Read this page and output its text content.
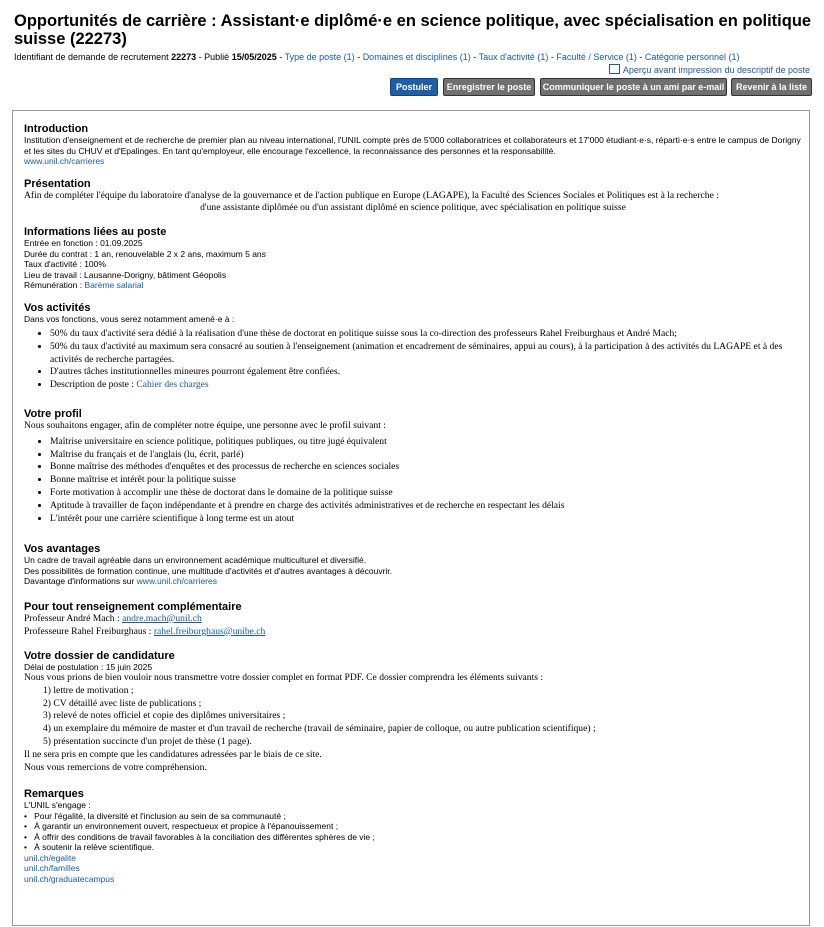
Opportunités de carrière : Assistant·e diplômé·e en science politique, avec spécialisation en politique suisse (22273)
Identifiant de demande de recrutement 22273 - Publié 15/05/2025 - Type de poste (1) - Domaines et disciplines (1) - Taux d'activité (1) - Faculté / Service (1) - Catégorie personnel (1)
Aperçu avant impression du descriptif de poste
Postuler	Enregistrer le poste	Communiquer le poste à un ami par e-mail	Revenir à la liste
Introduction
Institution d'enseignement et de recherche de premier plan au niveau international, l'UNIL compte près de 5'000 collaboratrices et collaborateurs et 17'000 étudiant·e·s, réparti·e·s entre le campus de Dorigny et les sites du CHUV et d'Epalinges. En tant qu'employeur, elle encourage l'excellence, la reconnaissance des personnes et la responsabilité.
www.unil.ch/carrieres
Présentation
Afin de compléter l'équipe du laboratoire d'analyse de la gouvernance et de l'action publique en Europe (LAGAPE), la Faculté des Sciences Sociales et Politiques est à la recherche :
d'une assistante diplômée ou d'un assistant diplômé en science politique, avec spécialisation en politique suisse
Informations liées au poste
Entrée en fonction : 01.09.2025
Durée du contrat : 1 an, renouvelable 2 x 2 ans, maximum 5 ans
Taux d'activité : 100%
Lieu de travail : Lausanne-Dorigny, bâtiment Géopolis
Rémunération : Barème salarial
Vos activités
Dans vos fonctions, vous serez notamment amené·e à :
• 50% du taux d'activité sera dédié à la réalisation d'une thèse de doctorat en politique suisse sous la co-direction des professeurs Rahel Freiburghaus et André Mach;
• 50% du taux d'activité au maximum sera consacré au soutien à l'enseignement (animation et encadrement de séminaires, appui au cours), à la participation à des activités du LAGAPE et à des activités de recherche partagées.
• D'autres tâches institutionnelles mineures pourront également être confiées.
• Description de poste : Cahier des charges
Votre profil
Nous souhaitons engager, afin de compléter notre équipe, une personne avec le profil suivant :
• Maîtrise universitaire en science politique, politiques publiques, ou titre jugé équivalent
• Maîtrise du français et de l'anglais (lu, écrit, parlé)
• Bonne maîtrise des méthodes d'enquêtes et des processus de recherche en sciences sociales
• Bonne maîtrise et intérêt pour la politique suisse
• Forte motivation à accomplir une thèse de doctorat dans le domaine de la politique suisse
• Aptitude à travailler de façon indépendante et à prendre en charge des activités administratives et de recherche en respectant les délais
• L'intérêt pour une carrière scientifique à long terme est un atout
Vos avantages
Un cadre de travail agréable dans un environnement académique multiculturel et diversifié.
Des possibilités de formation continue, une multitude d'activités et d'autres avantages à découvrir.
Davantage d'informations sur www.unil.ch/carrieres
Pour tout renseignement complémentaire
Professeur André Mach : andre.mach@unil.ch
Professeure Rahel Freiburghaus : rahel.freiburghaus@unibe.ch
Votre dossier de candidature
Délai de postulation : 15 juin 2025
Nous vous prions de bien vouloir nous transmettre votre dossier complet en format PDF. Ce dossier comprendra les éléments suivants :
1) lettre de motivation ;
2) CV détaillé avec liste de publications ;
3) relevé de notes officiel et copie des diplômes universitaires ;
4) un exemplaire du mémoire de master et d'un travail de recherche (travail de séminaire, papier de colloque, ou autre publication scientifique) ;
5) présentation succincte d'un projet de thèse (1 page).
Il ne sera pris en compte que les candidatures adressées par le biais de ce site.
Nous vous remercions de votre compréhension.
Remarques
L'UNIL s'engage :
•   Pour l'égalité, la diversité et l'inclusion au sein de sa communauté ;
•   À garantir un environnement ouvert, respectueux et propice à l'épanouissement ;
•   À offrir des conditions de travail favorables à la conciliation des différentes sphères de vie ;
•   À soutenir la relève scientifique.
unil.ch/egalite
unil.ch/familles
unil.ch/graduatecampus
